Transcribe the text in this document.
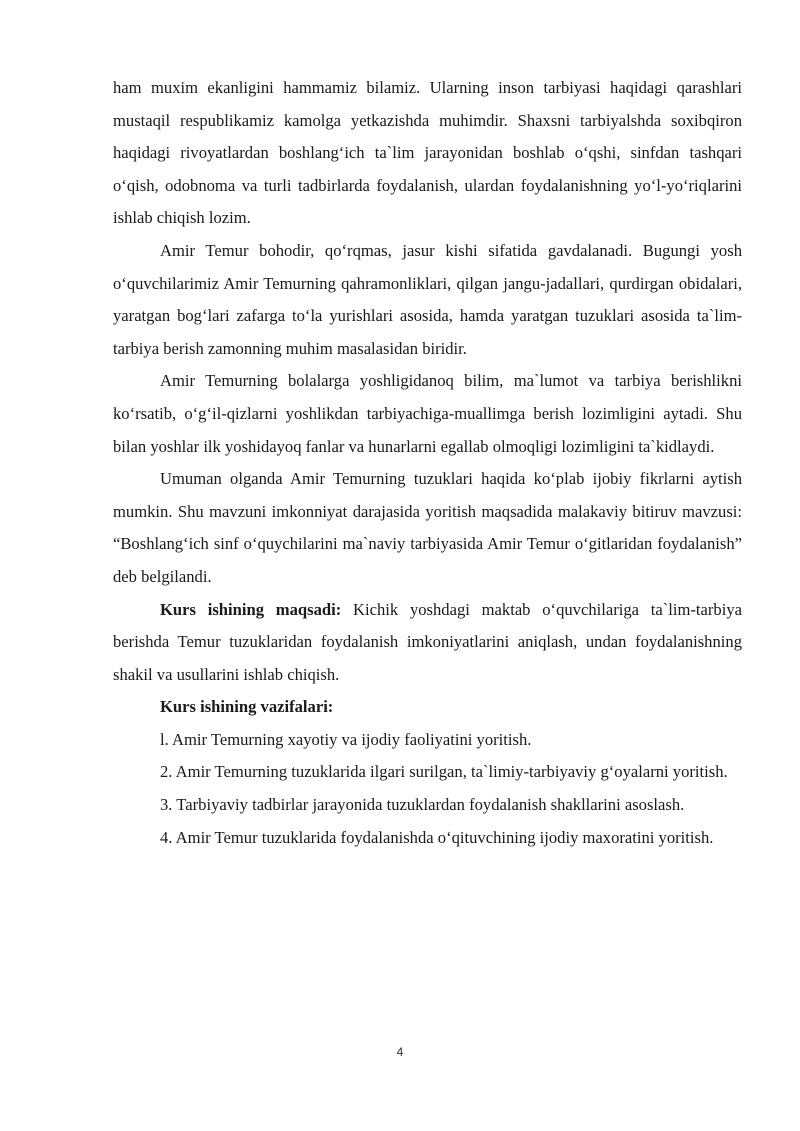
ham muxim ekanligini hammamiz bilamiz. Ularning inson tarbiyasi haqidagi qarashlari mustaqil respublikamiz kamolga yetkazishda muhimdir. Shaxsni tarbiyalshda soxibqiron haqidagi rivoyatlardan boshlang‘ich ta`lim jarayonidan boshlab o‘qshi, sinfdan tashqari o‘qish, odobnoma va turli tadbirlarda foydalanish, ulardan foydalanishning yo‘l-yo‘riqlarini ishlab chiqish lozim.

Amir Temur bohodir, qo‘rqmas, jasur kishi sifatida gavdalanadi. Bugungi yosh o‘quvchilarimiz Amir Temurning qahramonliklari, qilgan jangu-jadallari, qurdirgan obidalari, yaratgan bog‘lari zafarga to‘la yurishlari asosida, hamda yaratgan tuzuklari asosida ta`lim-tarbiya berish zamonning muhim masalasidan biridir.

Amir Temurning bolalarga yoshligidanoq bilim, ma`lumot va tarbiya berishlikni ko‘rsatib, o‘g‘il-qizlarni yoshlikdan tarbiyachiga-muallimga berish lozimligini aytadi. Shu bilan yoshlar ilk yoshidayoq fanlar va hunarlarni egallab olmoqligi lozimligini ta`kidlaydi.

Umuman olganda Amir Temurning tuzuklari haqida ko‘plab ijobiy fikrlarni aytish mumkin. Shu mavzuni imkonniyat darajasida yoritish maqsadida malakaviy bitiruv mavzusi: “Boshlang‘ich sinf o‘quychilarini ma`naviy tarbiyasida Amir Temur o‘gitlaridan foydalanish” deb belgilandi.

Kurs ishining maqsadi: Kichik yoshdagi maktab o‘quvchilariga ta`lim-tarbiya berishda Temur tuzuklaridan foydalanish imkoniyatlarini aniqlash, undan foydalanishning shakil va usullarini ishlab chiqish.

Kurs ishining vazifalari:

l. Amir Temurning xayotiy va ijodiy faoliyatini yoritish.

2. Amir Temurning tuzuklarida ilgari surilgan, ta`limiy-tarbiyaviy g‘oyalarni yoritish.

3. Tarbiyaviy tadbirlar jarayonida tuzuklardan foydalanish shakllarini asoslash.

4. Amir Temur tuzuklarida foydalanishda o‘qituvchining ijodiy maxoratini yoritish.

4
